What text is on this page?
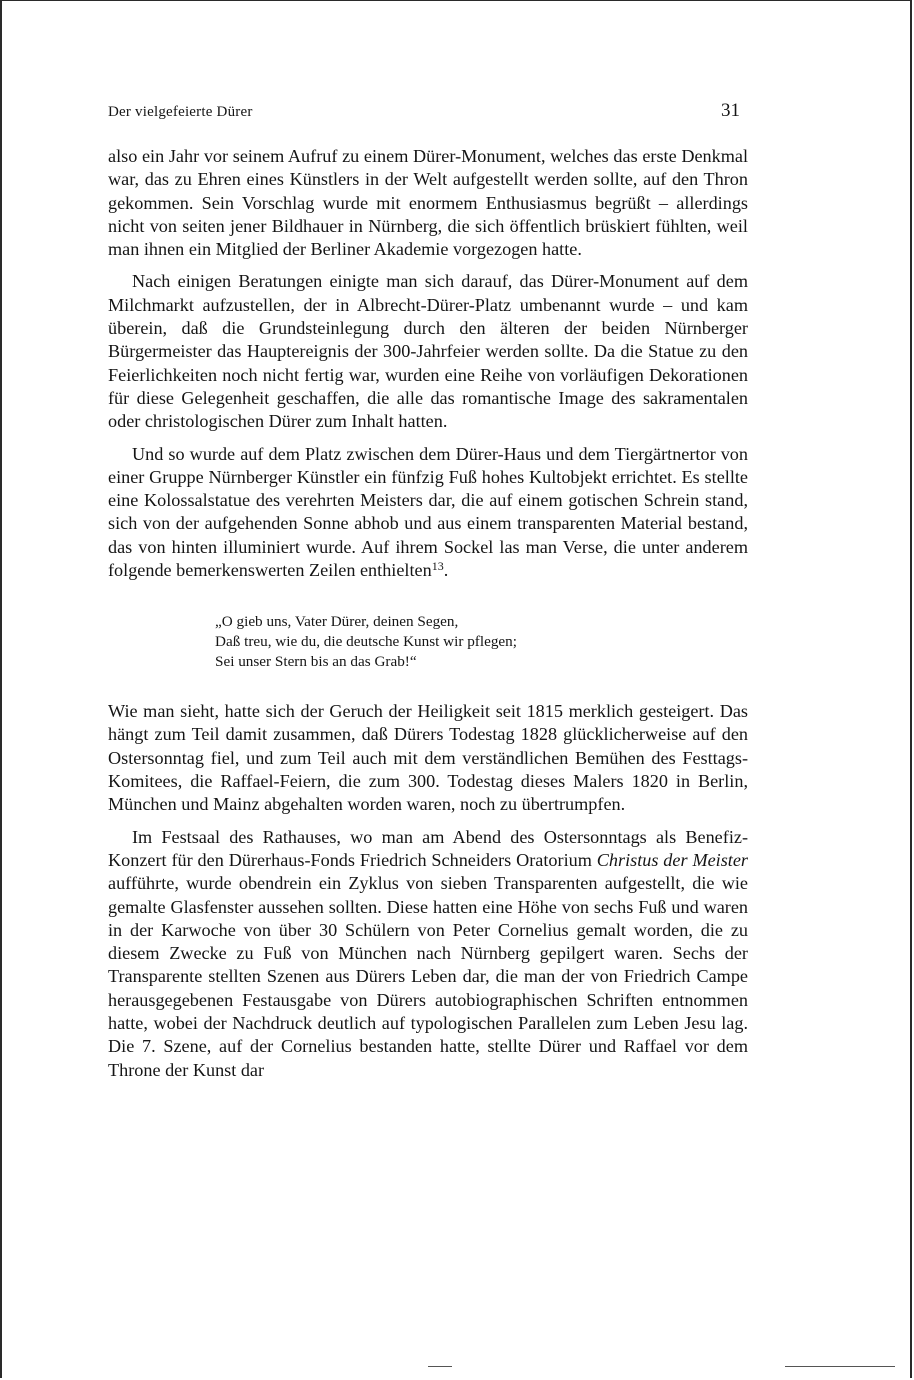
Der vielgefeierte Dürer	31

also ein Jahr vor seinem Aufruf zu einem Dürer-Monument, welches das erste Denkmal war, das zu Ehren eines Künstlers in der Welt aufgestellt werden sollte, auf den Thron gekommen. Sein Vorschlag wurde mit enormem Enthusiasmus begrüßt – allerdings nicht von seiten jener Bildhauer in Nürnberg, die sich öffentlich brüskiert fühlten, weil man ihnen ein Mitglied der Berliner Akademie vorgezogen hatte.

Nach einigen Beratungen einigte man sich darauf, das Dürer-Monument auf dem Milchmarkt aufzustellen, der in Albrecht-Dürer-Platz umbenannt wurde – und kam überein, daß die Grundsteinlegung durch den älteren der beiden Nürnberger Bürgermeister das Hauptereignis der 300-Jahrfeier werden sollte. Da die Statue zu den Feierlichkeiten noch nicht fertig war, wurden eine Reihe von vorläufigen Dekorationen für diese Gelegenheit geschaffen, die alle das romantische Image des sakramentalen oder christologischen Dürer zum Inhalt hatten.

Und so wurde auf dem Platz zwischen dem Dürer-Haus und dem Tiergärtnertor von einer Gruppe Nürnberger Künstler ein fünfzig Fuß hohes Kultobjekt errichtet. Es stellte eine Kolossalstatue des verehrten Meisters dar, die auf einem gotischen Schrein stand, sich von der aufgehenden Sonne abhob und aus einem transparenten Material bestand, das von hinten illuminiert wurde. Auf ihrem Sockel las man Verse, die unter anderem folgende bemerkenswerten Zeilen enthielten$^{13}$.

„O gieb uns, Vater Dürer, deinen Segen,
Daß treu, wie du, die deutsche Kunst wir pflegen;
Sei unser Stern bis an das Grab!“

Wie man sieht, hatte sich der Geruch der Heiligkeit seit 1815 merklich gesteigert. Das hängt zum Teil damit zusammen, daß Dürers Todestag 1828 glücklicherweise auf den Ostersonntag fiel, und zum Teil auch mit dem verständlichen Bemühen des Festtags-Komitees, die Raffael-Feiern, die zum 300. Todestag dieses Malers 1820 in Berlin, München und Mainz abgehalten worden waren, noch zu übertrumpfen.

Im Festsaal des Rathauses, wo man am Abend des Ostersonntags als Benefiz-Konzert für den Dürerhaus-Fonds Friedrich Schneiders Oratorium Christus der Meister aufführte, wurde obendrein ein Zyklus von sieben Transparenten aufgestellt, die wie gemalte Glasfenster aussehen sollten. Diese hatten eine Höhe von sechs Fuß und waren in der Karwoche von über 30 Schülern von Peter Cornelius gemalt worden, die zu diesem Zwecke zu Fuß von München nach Nürnberg gepilgert waren. Sechs der Transparente stellten Szenen aus Dürers Leben dar, die man der von Friedrich Campe herausgegebenen Festausgabe von Dürers autobiographischen Schriften entnommen hatte, wobei der Nachdruck deutlich auf typologischen Parallelen zum Leben Jesu lag. Die 7. Szene, auf der Cornelius bestanden hatte, stellte Dürer und Raffael vor dem Throne der Kunst dar
